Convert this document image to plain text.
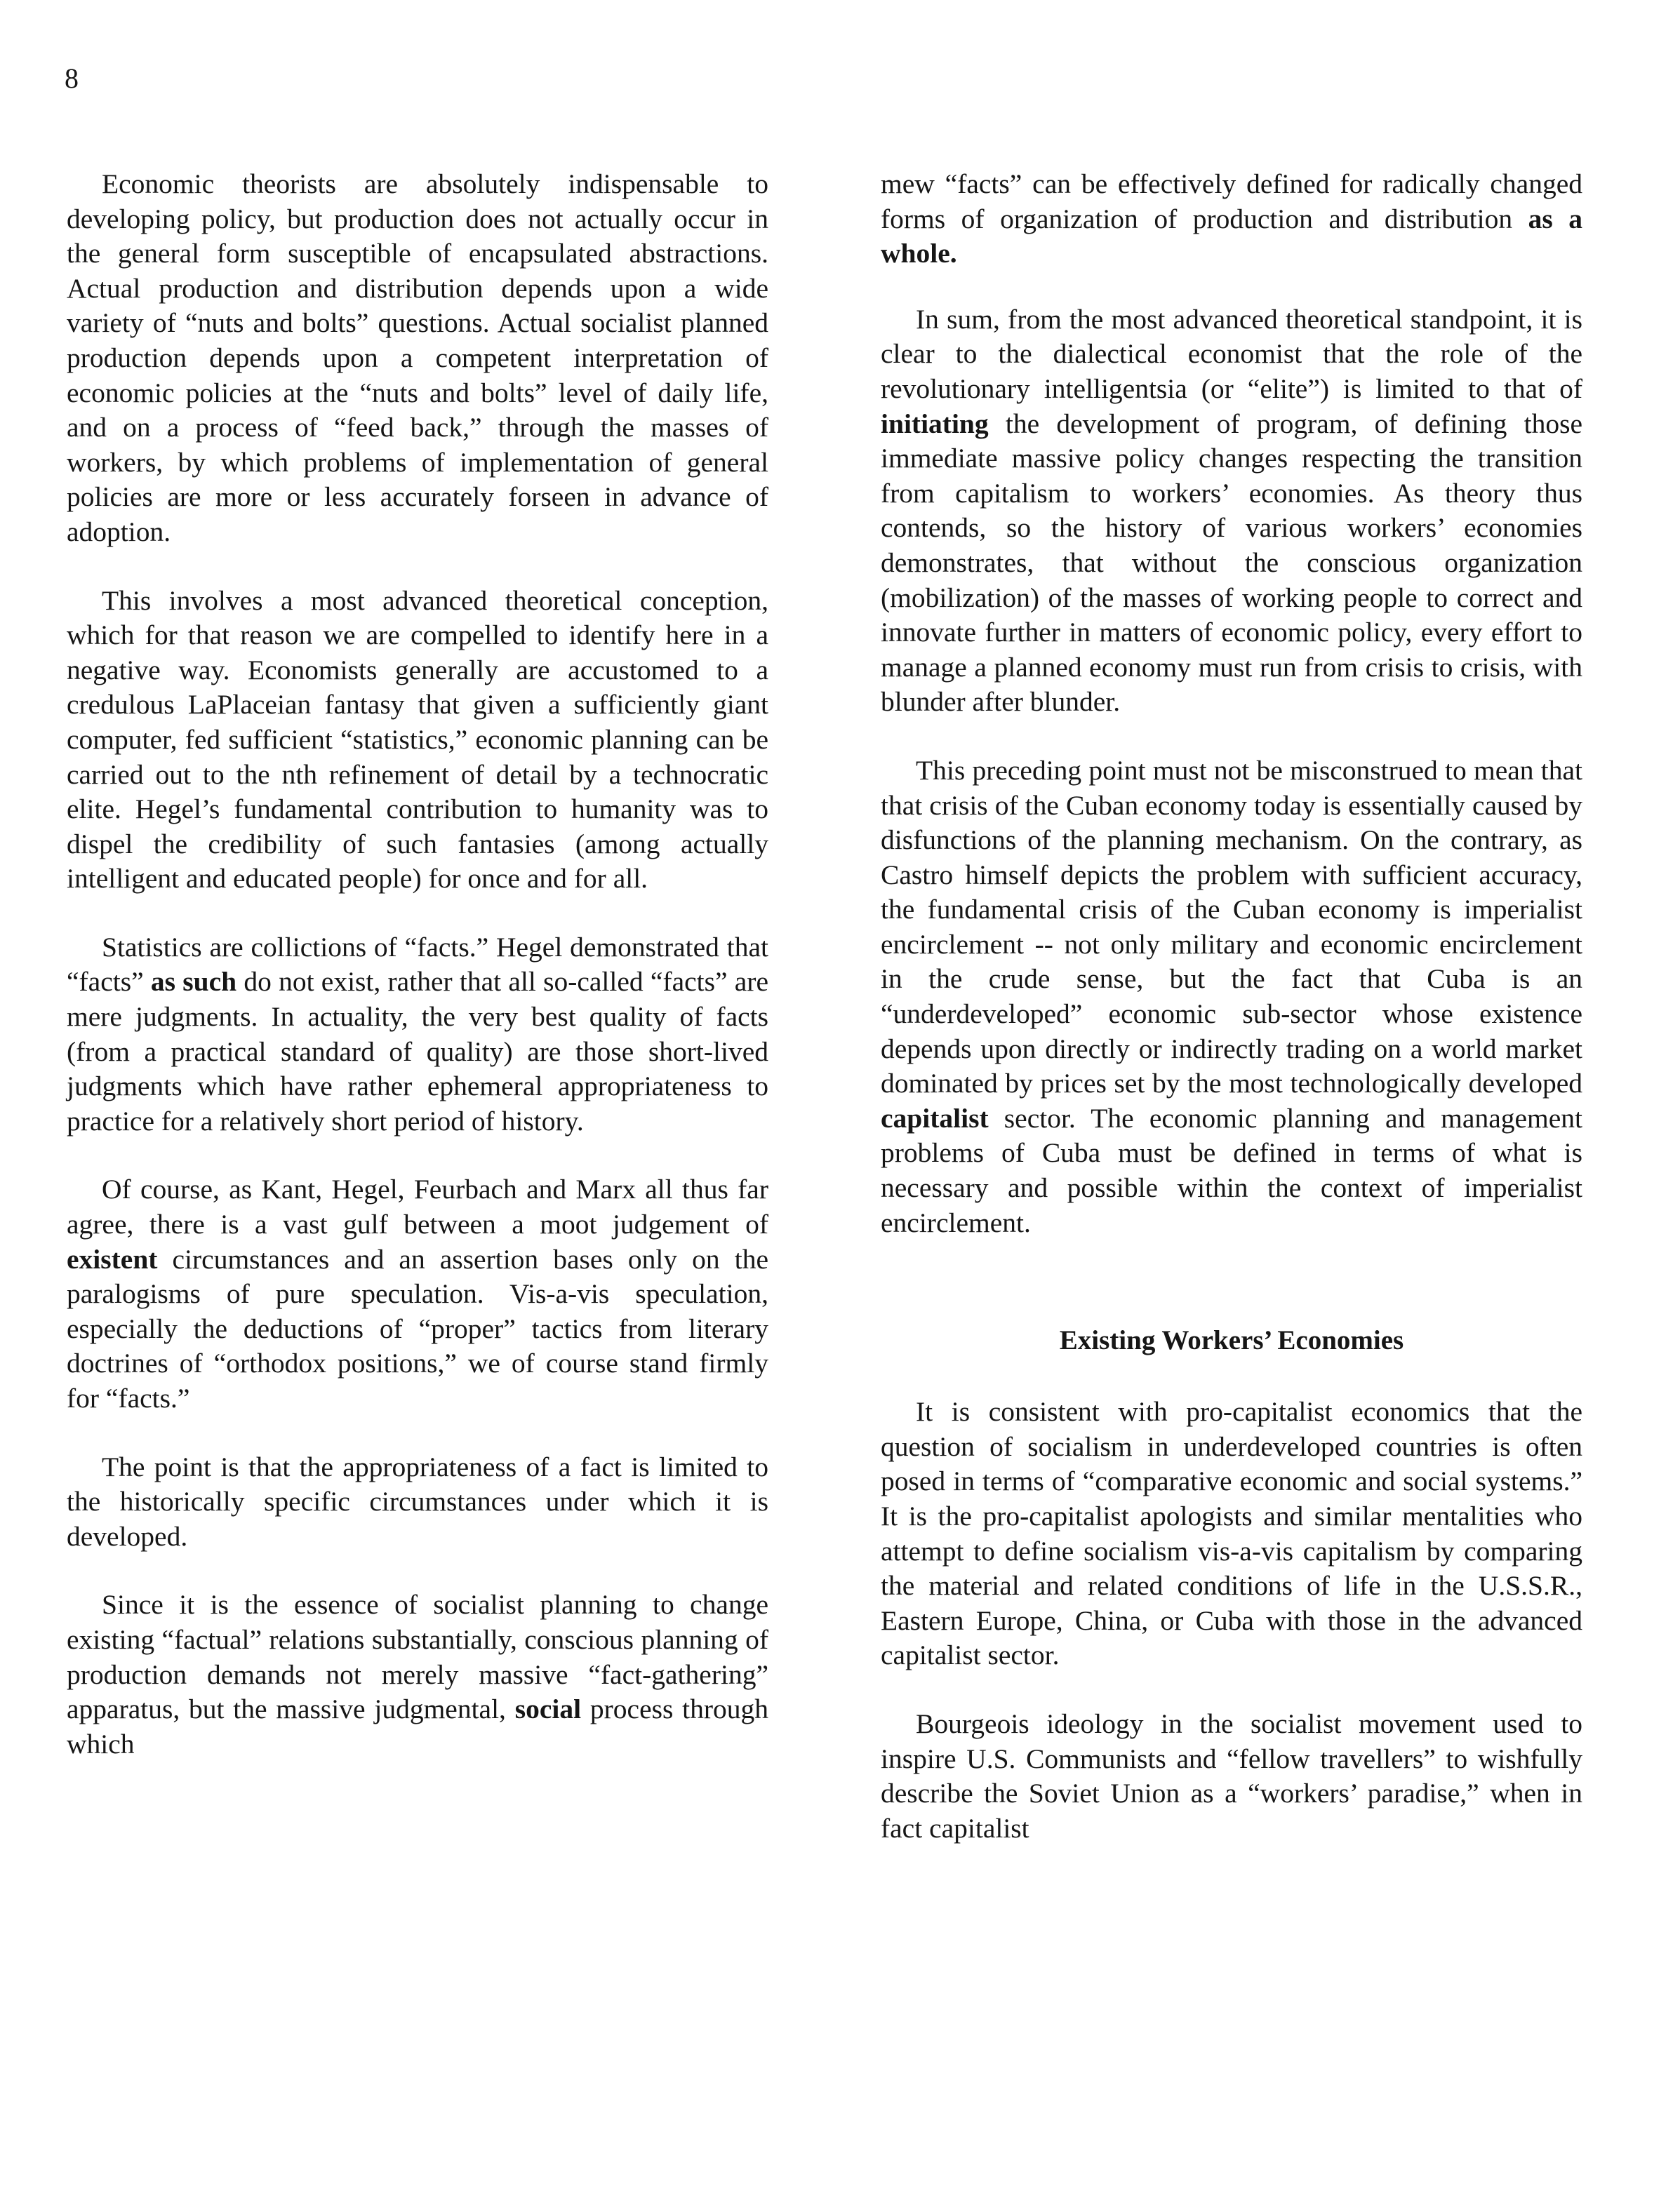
8

Economic theorists are absolutely indispensable to developing policy, but production does not actually occur in the general form susceptible of encapsulated abstractions. Actual production and distribution depends upon a wide variety of “nuts and bolts” questions. Actual socialist planned production depends upon a competent interpretation of economic policies at the “nuts and bolts” level of daily life, and on a process of “feed back,” through the masses of workers, by which problems of implementation of general policies are more or less accurately forseen in advance of adoption.

This involves a most advanced theoretical conception, which for that reason we are compelled to identify here in a negative way. Economists generally are accustomed to a credulous LaPlaceian fantasy that given a sufficiently giant computer, fed sufficient “statistics,” economic planning can be carried out to the nth refinement of detail by a technocratic elite. Hegel’s fundamental contribution to humanity was to dispel the credibility of such fantasies (among actually intelligent and educated people) for once and for all.

Statistics are collictions of “facts.” Hegel demonstrated that “facts” as such do not exist, rather that all so-called “facts” are mere judgments. In actuality, the very best quality of facts (from a practical standard of quality) are those short-lived judgments which have rather ephemeral appropriateness to practice for a relatively short period of history.

Of course, as Kant, Hegel, Feurbach and Marx all thus far agree, there is a vast gulf between a moot judgement of existent circumstances and an assertion bases only on the paralogisms of pure speculation. Vis-a-vis speculation, especially the deductions of “proper” tactics from literary doctrines of “orthodox positions,” we of course stand firmly for “facts.”

The point is that the appropriateness of a fact is limited to the historically specific circumstances under which it is developed.

Since it is the essence of socialist planning to change existing “factual” relations substantially, conscious planning of production demands not merely massive “fact-gathering” apparatus, but the massive judgmental, social process through which

mew “facts” can be effectively defined for radically changed forms of organization of production and distribution as a whole.

In sum, from the most advanced theoretical standpoint, it is clear to the dialectical economist that the role of the revolutionary intelligentsia (or “elite”) is limited to that of initiating the development of program, of defining those immediate massive policy changes respecting the transition from capitalism to workers’ economies. As theory thus contends, so the history of various workers’ economies demonstrates, that without the conscious organization (mobilization) of the masses of working people to correct and innovate further in matters of economic policy, every effort to manage a planned economy must run from crisis to crisis, with blunder after blunder.

This preceding point must not be misconstrued to mean that that crisis of the Cuban economy today is essentially caused by disfunctions of the planning mechanism. On the contrary, as Castro himself depicts the problem with sufficient accuracy, the fundamental crisis of the Cuban economy is imperialist encirclement -- not only military and economic encirclement in the crude sense, but the fact that Cuba is an “underdeveloped” economic sub-sector whose existence depends upon directly or indirectly trading on a world market dominated by prices set by the most technologically developed capitalist sector. The economic planning and management problems of Cuba must be defined in terms of what is necessary and possible within the context of imperialist encirclement.

Existing Workers’ Economies

It is consistent with pro-capitalist economics that the question of socialism in underdeveloped countries is often posed in terms of “comparative economic and social systems.” It is the pro-capitalist apologists and similar mentalities who attempt to define socialism vis-a-vis capitalism by comparing the material and related conditions of life in the U.S.S.R., Eastern Europe, China, or Cuba with those in the advanced capitalist sector.

Bourgeois ideology in the socialist movement used to inspire U.S. Communists and “fellow travellers” to wishfully describe the Soviet Union as a “workers’ paradise,” when in fact capitalist
